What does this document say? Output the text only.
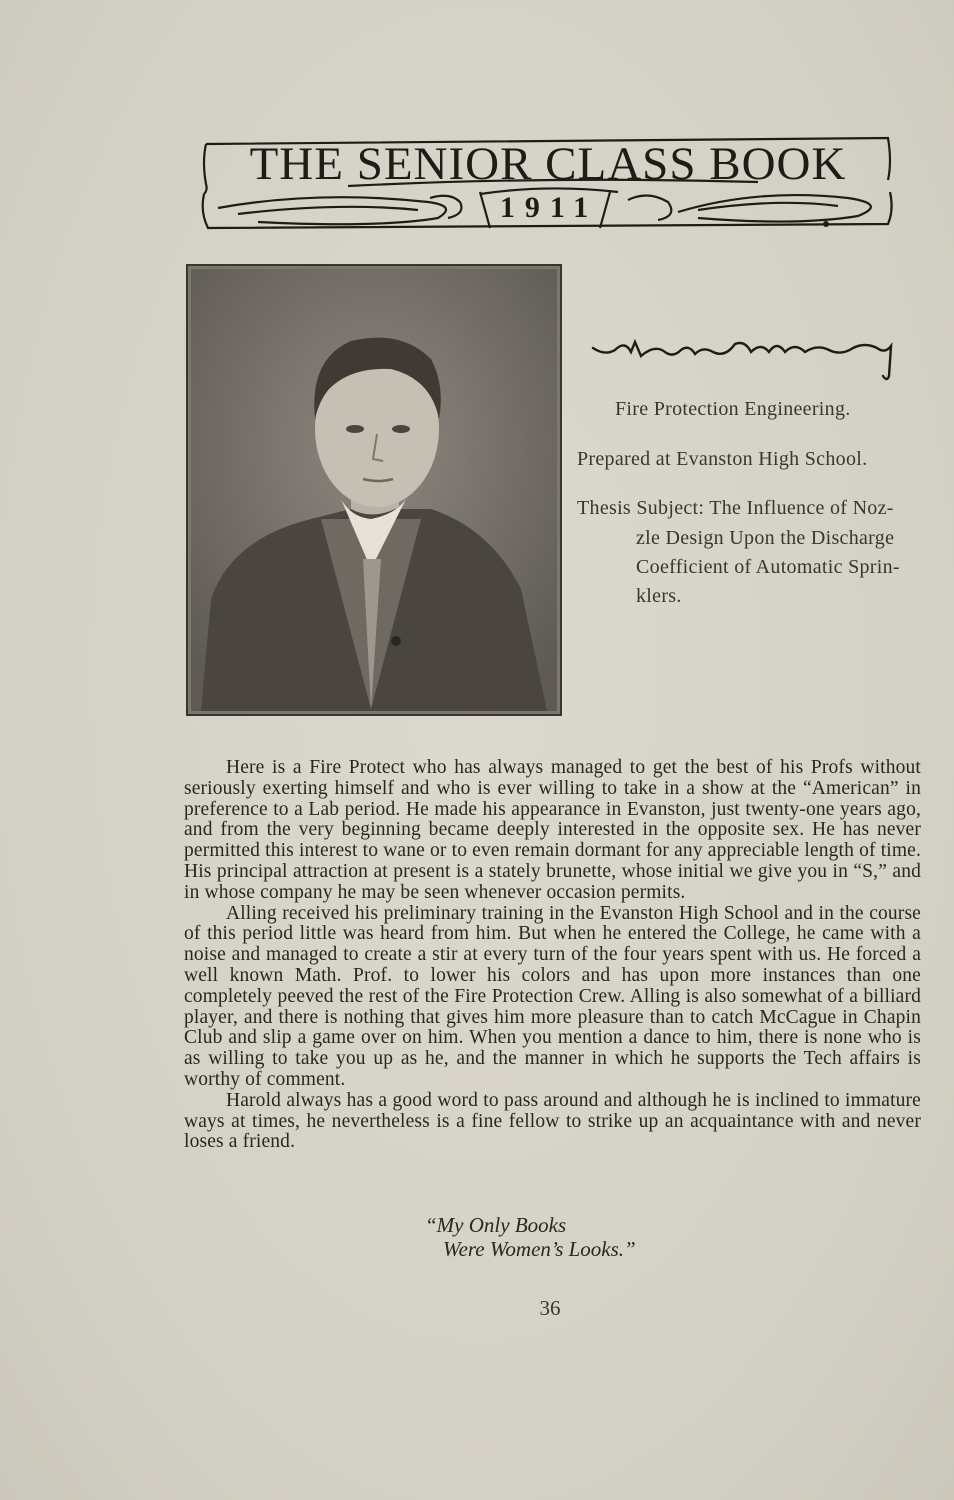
THE SENIOR CLASS BOOK
1911
Fire Protection Engineering.
Prepared at Evanston High School.
Thesis Subject: The Influence of Noz-
zle Design Upon the Discharge
Coefficient of Automatic Sprin-
klers.

Here is a Fire Protect who has always managed to get the best of his Profs without seriously exerting himself and who is ever willing to take in a show at the “American” in preference to a Lab period. He made his appearance in Evanston, just twenty-one years ago, and from the very beginning became deeply interested in the opposite sex. He has never permitted this interest to wane or to even remain dormant for any appreciable length of time. His principal attraction at present is a stately brunette, whose initial we give you in “S,” and in whose company he may be seen whenever occasion permits.

Alling received his preliminary training in the Evanston High School and in the course of this period little was heard from him. But when he entered the College, he came with a noise and managed to create a stir at every turn of the four years spent with us. He forced a well known Math. Prof. to lower his colors and has upon more instances than one completely peeved the rest of the Fire Protection Crew. Alling is also somewhat of a billiard player, and there is nothing that gives him more pleasure than to catch McCague in Chapin Club and slip a game over on him. When you mention a dance to him, there is none who is as willing to take you up as he, and the manner in which he supports the Tech affairs is worthy of comment.

Harold always has a good word to pass around and although he is inclined to immature ways at times, he nevertheless is a fine fellow to strike up an acquaintance with and never loses a friend.

“My Only Books
Were Women’s Looks.”
36
